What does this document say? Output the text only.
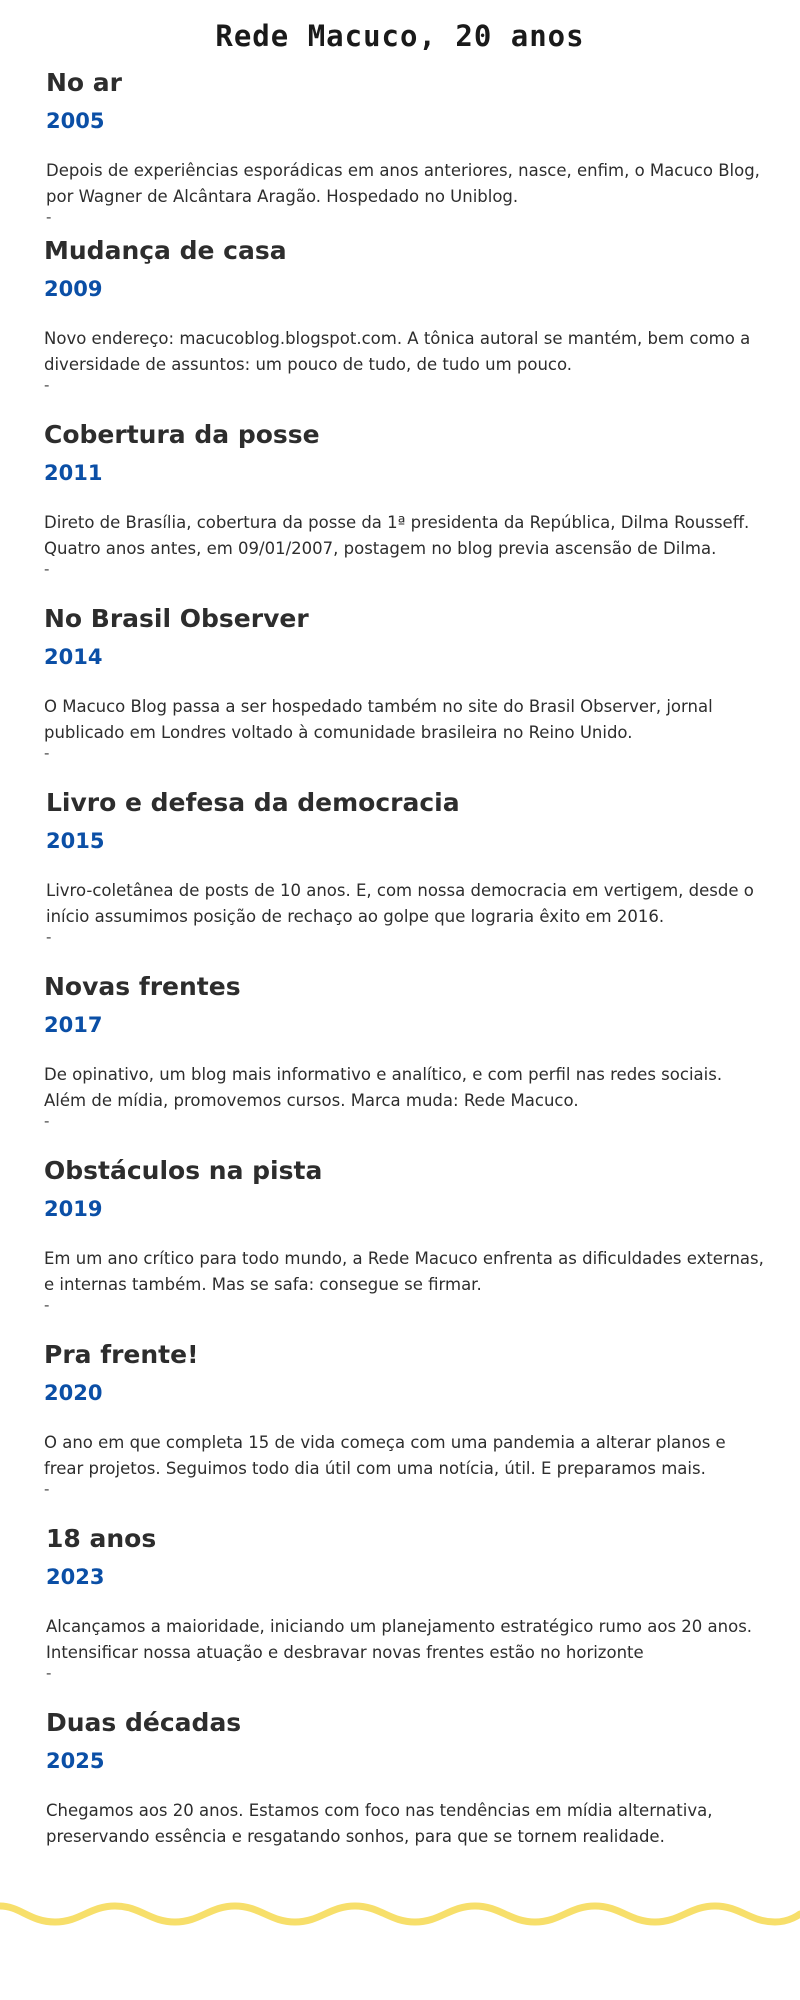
Rede Macuco, 20 anos
No ar
2005

Depois de experiências esporádicas em anos anteriores, nasce, enfim, o Macuco Blog, por Wagner de Alcântara Aragão. Hospedado no Uniblog.

-
Mudança de casa
2009

Novo endereço: macucoblog.blogspot.com. A tônica autoral se mantém, bem como a diversidade de assuntos: um pouco de tudo, de tudo um pouco.

-
Cobertura da posse
2011

Direto de Brasília, cobertura da posse da 1ª presidenta da República, Dilma Rousseff. Quatro anos antes, em 09/01/2007, postagem no blog previa ascensão de Dilma.

-
No Brasil Observer
2014

O Macuco Blog passa a ser hospedado também no site do Brasil Observer, jornal publicado em Londres voltado à comunidade brasileira no Reino Unido.

-
Livro e defesa da democracia
2015

Livro-coletânea de posts de 10 anos. E, com nossa democracia em vertigem, desde o início assumimos posição de rechaço ao golpe que lograria êxito em 2016.

-
Novas frentes
2017

De opinativo, um blog mais informativo e analítico, e com perfil nas redes sociais. Além de mídia, promovemos cursos. Marca muda: Rede Macuco.

-
Obstáculos na pista
2019

Em um ano crítico para todo mundo, a Rede Macuco enfrenta as dificuldades externas, e internas também. Mas se safa: consegue se firmar.

-
Pra frente!
2020

O ano em que completa 15 de vida começa com uma pandemia a alterar planos e frear projetos. Seguimos todo dia útil com uma notícia, útil. E preparamos mais.

-
18 anos
2023

Alcançamos a maioridade, iniciando um planejamento estratégico rumo aos 20 anos. Intensificar nossa atuação e desbravar novas frentes estão no horizonte

-
Duas décadas
2025

Chegamos aos 20 anos. Estamos com foco nas tendências em mídia alternativa, preservando essência e resgatando sonhos, para que se tornem realidade.
